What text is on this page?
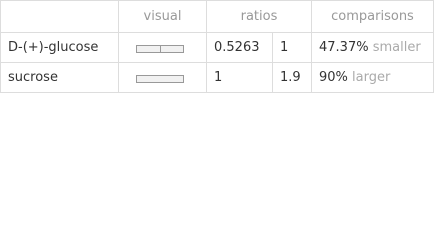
	visual	ratios		comparisons
D-(+)-glucose		0.5263	1	47.37% smaller
sucrose		1	1.9	90% larger
